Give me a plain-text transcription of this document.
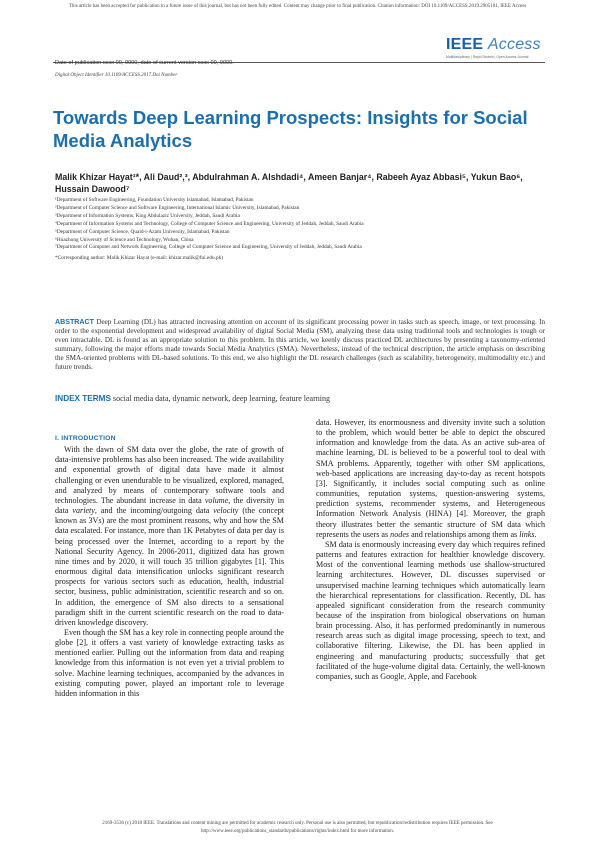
This article has been accepted for publication in a future issue of this journal, but has not been fully edited. Content may change prior to final publication. Citation information: DOI 10.1109/ACCESS.2019.2905101, IEEE Access
IEEE Access
Multidisciplinary | Rapid Review | Open Access Journal
Date of publication xxxx 00, 0000, date of current version xxxx 00, 0000.
Digital Object Identifier 10.1109/ACCESS.2017.Doi Number
Towards Deep Learning Prospects: Insights for Social Media Analytics
Malik Khizar Hayat¹*, Ali Daud²,³, Abdulrahman A. Alshdadi⁴, Ameen Banjar⁴, Rabeeh Ayaz Abbasi⁵, Yukun Bao⁶, Hussain Dawood⁷
¹Department of Software Engineering, Foundation University Islamabad, Islamabad, Pakistan
²Department of Computer Science and Software Engineering, International Islamic University, Islamabad, Pakistan
³Department of Information Systems, King Abdulaziz University, Jeddah, Saudi Arabia
⁴Department of Information Systems and Technology, College of Computer Science and Engineering, University of Jeddah, Jeddah, Saudi Arabia
⁵Department of Computer Science, Quaid-i-Azam University, Islamabad, Pakistan
⁶Huazhong University of Science and Technology, Wuhan, China
⁷Department of Computer and Network Engineering, College of Computer Science and Engineering, University of Jeddah, Jeddah, Saudi Arabia
*Corresponding author: Malik Khizar Hayat (e-mail: khizar.malik@fui.edu.pk)
ABSTRACT Deep Learning (DL) has attracted increasing attention on account of its significant processing power in tasks such as speech, image, or text processing. In order to the exponential development and widespread availability of digital Social Media (SM), analyzing these data using traditional tools and technologies is tough or even intractable. DL is found as an appropriate solution to this problem. In this article, we keenly discuss practiced DL architectures by presenting a taxonomy-oriented summary, following the major efforts made towards Social Media Analytics (SMA). Nevertheless, instead of the technical description, the article emphasis on describing the SMA-oriented problems with DL-based solutions. To this end, we also highlight the DL research challenges (such as scalability, heterogeneity, multimodality etc.) and future trends.
INDEX TERMS social media data, dynamic network, deep learning, feature learning
I. INTRODUCTION

With the dawn of SM data over the globe, the rate of growth of data-intensive problems has also been increased. The wide availability and exponential growth of digital data have made it almost challenging or even unendurable to be visualized, explored, managed, and analyzed by means of contemporary software tools and technologies. The abundant increase in data volume, the diversity in data variety, and the incoming/outgoing data velocity (the concept known as 3Vs) are the most prominent reasons, why and how the SM data escalated. For instance, more than 1K Petabytes of data per day is being processed over the Internet, according to a report by the National Security Agency. In 2006-2011, digitized data has grown nine times and by 2020, it will touch 35 trillion gigabytes [1]. This enormous digital data intensification unlocks significant research prospects for various sectors such as education, health, industrial sector, business, public administration, scientific research and so on. In addition, the emergence of SM also directs to a sensational paradigm shift in the current scientific research on the road to data-driven knowledge discovery.

Even though the SM has a key role in connecting people around the globe [2], it offers a vast variety of knowledge extracting tasks as mentioned earlier. Pulling out the information from data and reaping knowledge from this information is not even yet a trivial problem to solve. Machine learning techniques, accompanied by the advances in existing computing power, played an important role to leverage hidden information in this

data. However, its enormousness and diversity invite such a solution to the problem, which would better be able to depict the obscured information and knowledge from the data. As an active sub-area of machine learning, DL is believed to be a powerful tool to deal with SMA problems. Apparently, together with other SM applications, web-based applications are increasing day-to-day as recent hotspots [3]. Significantly, it includes social computing such as online communities, reputation systems, question-answering systems, prediction systems, recommender systems, and Heterogeneous Information Network Analysis (HINA) [4]. Moreover, the graph theory illustrates better the semantic structure of SM data which represents the users as nodes and relationships among them as links.

SM data is enormously increasing every day which requires refined patterns and features extraction for healthier knowledge discovery. Most of the conventional learning methods use shallow-structured learning architectures. However, DL discusses supervised or unsupervised machine learning techniques which automatically learn the hierarchical representations for classification. Recently, DL has appealed significant consideration from the research community because of the inspiration from biological observations on human brain processing. Also, it has performed predominantly in numerous research areas such as digital image processing, speech to text, and collaborative filtering. Likewise, the DL has been applied in engineering and manufacturing products; successfully that get facilitated of the huge-volume digital data. Certainly, the well-known companies, such as Google, Apple, and Facebook

2169-3536 (c) 2018 IEEE. Translations and content mining are permitted for academic research only. Personal use is also permitted, but republication/redistribution requires IEEE permission. See
http://www.ieee.org/publications_standards/publications/rights/index.html for more information.
